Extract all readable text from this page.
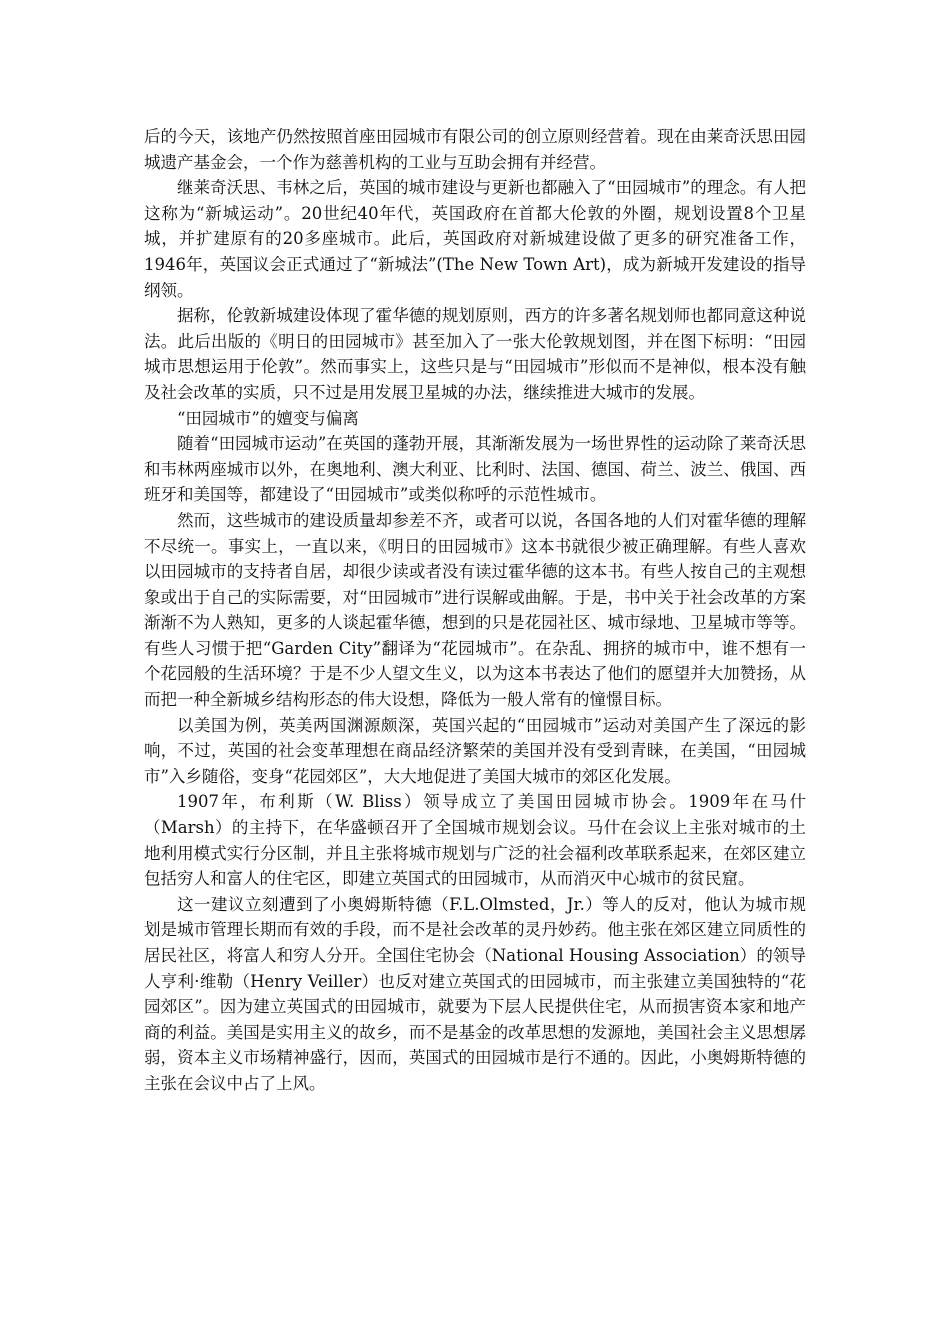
后的今天，该地产仍然按照首座田园城市有限公司的创立原则经营着。现在由莱奇沃思田园城遗产基金会，一个作为慈善机构的工业与互助会拥有并经营。

继莱奇沃思、韦林之后，英国的城市建设与更新也都融入了“田园城市”的理念。有人把这称为“新城运动”。20世纪40年代，英国政府在首都大伦敦的外圈，规划设置8个卫星城，并扩建原有的20多座城市。此后，英国政府对新城建设做了更多的研究准备工作，1946年，英国议会正式通过了“新城法”(The New Town Art)，成为新城开发建设的指导纲领。

据称，伦敦新城建设体现了霍华德的规划原则，西方的许多著名规划师也都同意这种说法。此后出版的《明日的田园城市》甚至加入了一张大伦敦规划图，并在图下标明：“田园城市思想运用于伦敦”。然而事实上，这些只是与“田园城市”形似而不是神似，根本没有触及社会改革的实质，只不过是用发展卫星城的办法，继续推进大城市的发展。

“田园城市”的嬗变与偏离

随着“田园城市运动”在英国的蓬勃开展，其渐渐发展为一场世界性的运动除了莱奇沃思和韦林两座城市以外，在奥地利、澳大利亚、比利时、法国、德国、荷兰、波兰、俄国、西班牙和美国等，都建设了“田园城市”或类似称呼的示范性城市。

然而，这些城市的建设质量却参差不齐，或者可以说，各国各地的人们对霍华德的理解不尽统一。事实上，一直以来，《明日的田园城市》这本书就很少被正确理解。有些人喜欢以田园城市的支持者自居，却很少读或者没有读过霍华德的这本书。有些人按自己的主观想象或出于自己的实际需要，对“田园城市”进行误解或曲解。于是，书中关于社会改革的方案渐渐不为人熟知，更多的人谈起霍华德，想到的只是花园社区、城市绿地、卫星城市等等。有些人习惯于把“Garden City”翻译为“花园城市”。在杂乱、拥挤的城市中，谁不想有一个花园般的生活环境？于是不少人望文生义，以为这本书表达了他们的愿望并大加赞扬，从而把一种全新城乡结构形态的伟大设想，降低为一般人常有的憧憬目标。

以美国为例，英美两国渊源颇深，英国兴起的“田园城市”运动对美国产生了深远的影响，不过，英国的社会变革理想在商品经济繁荣的美国并没有受到青睐，在美国，“田园城市”入乡随俗，变身“花园郊区”，大大地促进了美国大城市的郊区化发展。

1907年，布利斯（W. Bliss）领导成立了美国田园城市协会。1909年在马什（Marsh）的主持下，在华盛顿召开了全国城市规划会议。马什在会议上主张对城市的土地利用模式实行分区制，并且主张将城市规划与广泛的社会福利改革联系起来，在郊区建立包括穷人和富人的住宅区，即建立英国式的田园城市，从而消灭中心城市的贫民窟。

这一建议立刻遭到了小奥姆斯特德（F.L.Olmsted，Jr.）等人的反对，他认为城市规划是城市管理长期而有效的手段，而不是社会改革的灵丹妙药。他主张在郊区建立同质性的居民社区，将富人和穷人分开。全国住宅协会（National Housing Association）的领导人亨利·维勒（Henry Veiller）也反对建立英国式的田园城市，而主张建立美国独特的“花园郊区”。因为建立英国式的田园城市，就要为下层人民提供住宅，从而损害资本家和地产商的利益。美国是实用主义的故乡，而不是基金的改革思想的发源地，美国社会主义思想孱弱，资本主义市场精神盛行，因而，英国式的田园城市是行不通的。因此，小奥姆斯特德的主张在会议中占了上风。
